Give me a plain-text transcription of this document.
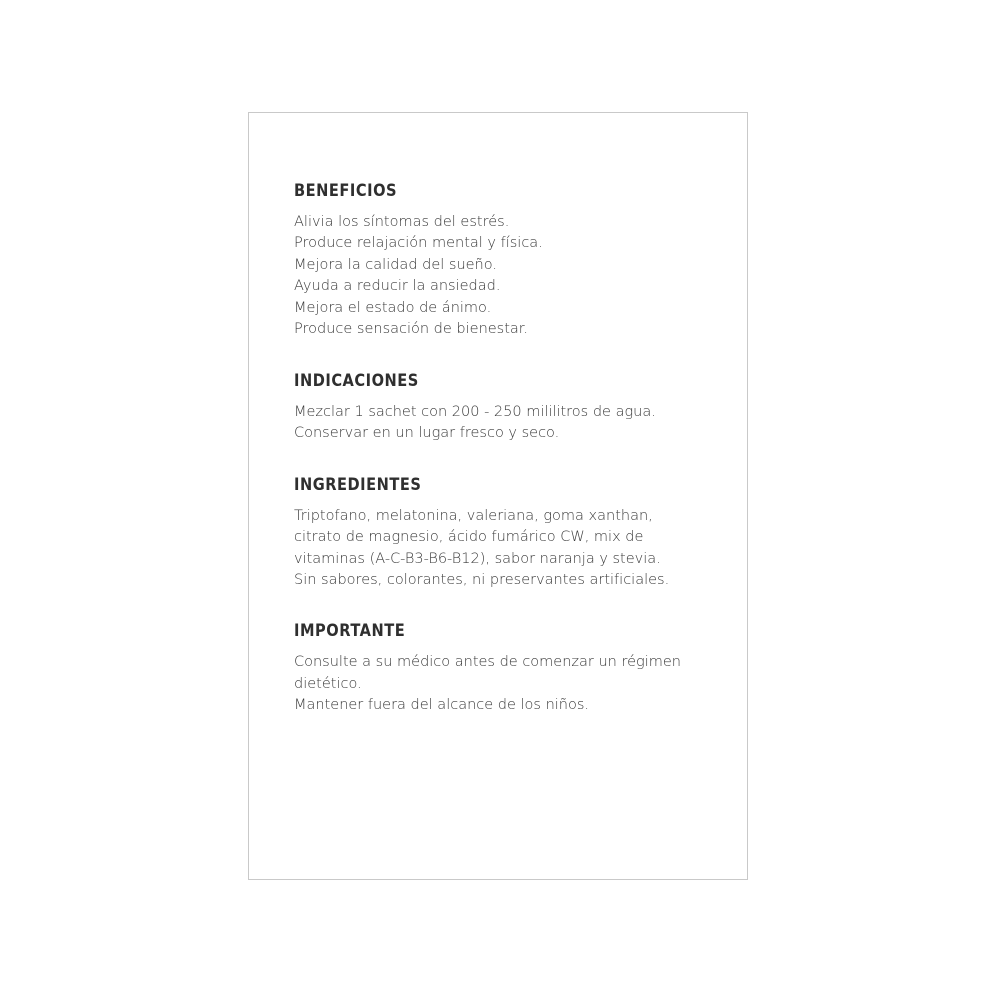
BENEFICIOS
Alivia los síntomas del estrés.
Produce relajación mental y física.
Mejora la calidad del sueño.
Ayuda a reducir la ansiedad.
Mejora el estado de ánimo.
Produce sensación de bienestar.
INDICACIONES
Mezclar 1 sachet con 200 - 250 mililitros de agua.
Conservar en un lugar fresco y seco.
INGREDIENTES
Triptofano, melatonina, valeriana, goma xanthan,
citrato de magnesio, ácido fumárico CW, mix de
vitaminas (A-C-B3-B6-B12), sabor naranja y stevia.
Sin sabores, colorantes, ni preservantes artificiales.
IMPORTANTE
Consulte a su médico antes de comenzar un régimen
dietético.
Mantener fuera del alcance de los niños.
